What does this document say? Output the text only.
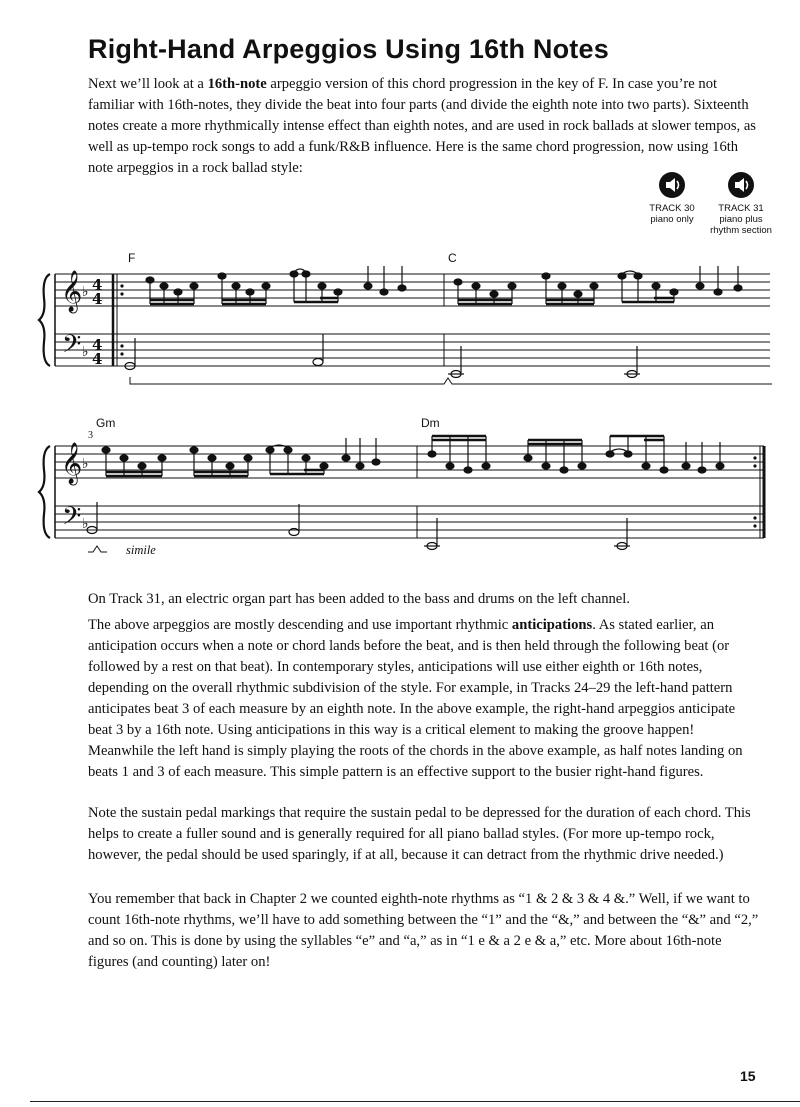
Right-Hand Arpeggios Using 16th Notes

Next we’ll look at a 16th-note arpeggio version of this chord progression in the key of F. In case you’re not familiar with 16th-notes, they divide the beat into four parts (and divide the eighth note into two parts). Sixteenth notes create a more rhythmically intense effect than eighth notes, and are used in rock ballads at slower tempos, as well as up-tempo rock songs to add a funk/R&B influence. Here is the same chord progression, now using 16th note arpeggios in a rock ballad style:

TRACK 30
piano only
TRACK 31
piano plus
rhythm section
F	C
𝄞
𝄢
♭
♭
4
4
4
4
3
Gm	Dm
𝄞
𝄢
♭
♭
simile

On Track 31, an electric organ part has been added to the bass and drums on the left channel.

The above arpeggios are mostly descending and use important rhythmic anticipations. As stated earlier, an anticipation occurs when a note or chord lands before the beat, and is then held through the following beat (or followed by a rest on that beat). In contemporary styles, anticipations will use either eighth or 16th notes, depending on the overall rhythmic subdivision of the style. For example, in Tracks 24–29 the left-hand pattern anticipates beat 3 of each measure by an eighth note. In the above example, the right-hand arpeggios anticipate beat 3 by a 16th note. Using anticipations in this way is a critical element to making the groove happen! Meanwhile the left hand is simply playing the roots of the chords in the above example, as half notes landing on beats 1 and 3 of each measure. This simple pattern is an effective support to the busier right-hand figures.

Note the sustain pedal markings that require the sustain pedal to be depressed for the duration of each chord. This helps to create a fuller sound and is generally required for all piano ballad styles. (For more up-tempo rock, however, the pedal should be used sparingly, if at all, because it can detract from the rhythmic drive needed.)

You remember that back in Chapter 2 we counted eighth-note rhythms as “1 & 2 & 3 & 4 &.” Well, if we want to count 16th-note rhythms, we’ll have to add something between the “1” and the “&,” and between the “&” and “2,” and so on. This is done by using the syllables “e” and “a,” as in “1 e & a 2 e & a,” etc. More about 16th-note figures (and counting) later on!

15
